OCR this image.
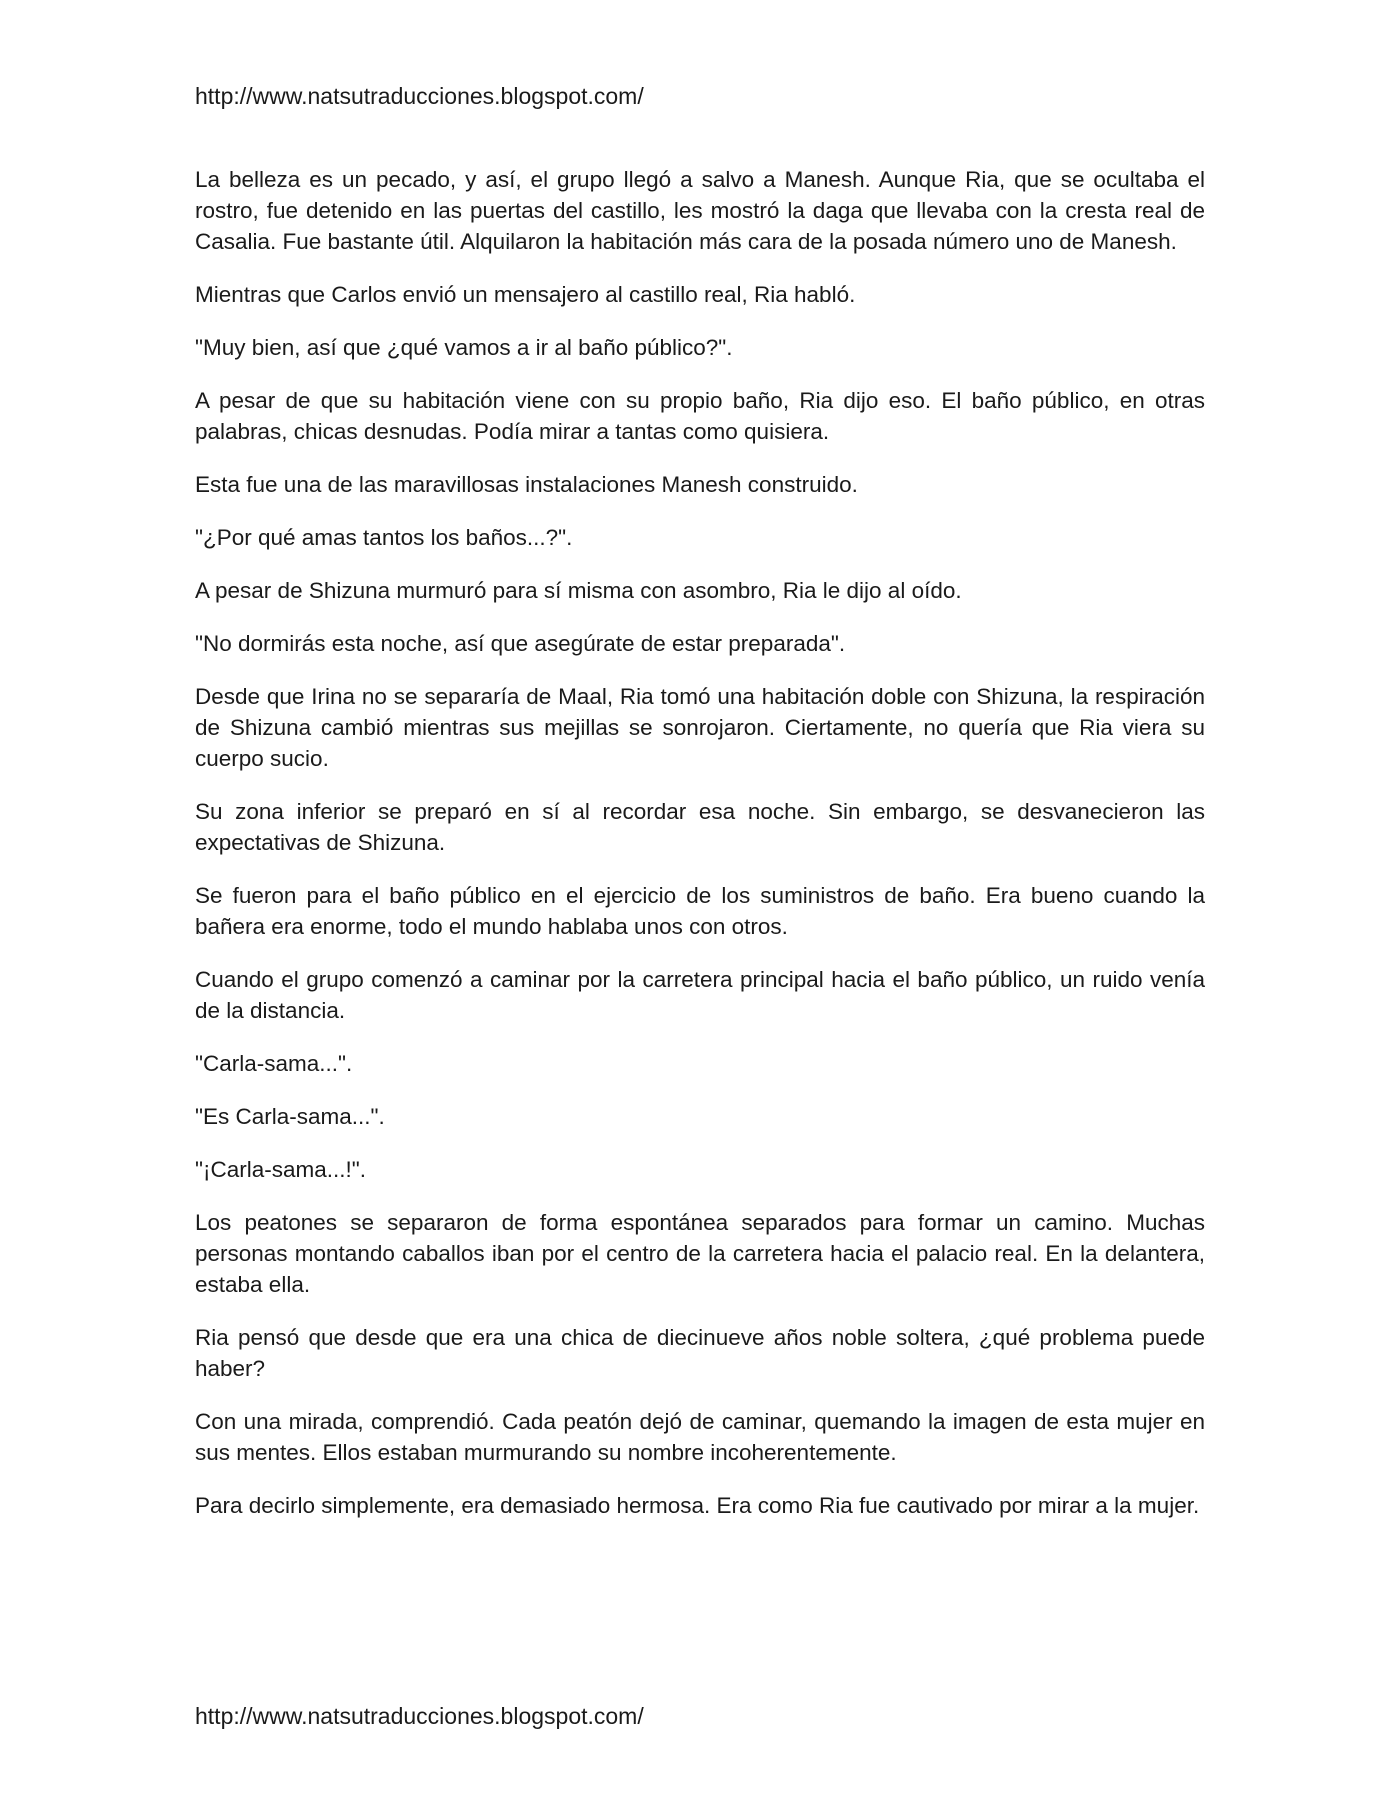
http://www.natsutraducciones.blogspot.com/

La belleza es un pecado, y así, el grupo llegó a salvo a Manesh. Aunque Ria, que se ocultaba el rostro, fue detenido en las puertas del castillo, les mostró la daga que llevaba con la cresta real de Casalia. Fue bastante útil. Alquilaron la habitación más cara de la posada número uno de Manesh.

Mientras que Carlos envió un mensajero al castillo real, Ria habló.

"Muy bien, así que ¿qué vamos a ir al baño público?".

A pesar de que su habitación viene con su propio baño, Ria dijo eso. El baño público, en otras palabras, chicas desnudas. Podía mirar a tantas como quisiera.

Esta fue una de las maravillosas instalaciones Manesh construido.

"¿Por qué amas tantos los baños...?".

A pesar de Shizuna murmuró para sí misma con asombro, Ria le dijo al oído.

"No dormirás esta noche, así que asegúrate de estar preparada".

Desde que Irina no se separaría de Maal, Ria tomó una habitación doble con Shizuna, la respiración de Shizuna cambió mientras sus mejillas se sonrojaron. Ciertamente, no quería que Ria viera su cuerpo sucio.

Su zona inferior se preparó en sí al recordar esa noche. Sin embargo, se desvanecieron las expectativas de Shizuna.

Se fueron para el baño público en el ejercicio de los suministros de baño. Era bueno cuando la bañera era enorme, todo el mundo hablaba unos con otros.

Cuando el grupo comenzó a caminar por la carretera principal hacia el baño público, un ruido venía de la distancia.

"Carla-sama...".

"Es Carla-sama...".

"¡Carla-sama...!".

Los peatones se separaron de forma espontánea separados para formar un camino. Muchas personas montando caballos iban por el centro de la carretera hacia el palacio real. En la delantera, estaba ella.

Ria pensó que desde que era una chica de diecinueve años noble soltera, ¿qué problema puede haber?

Con una mirada, comprendió. Cada peatón dejó de caminar, quemando la imagen de esta mujer en sus mentes. Ellos estaban murmurando su nombre incoherentemente.

Para decirlo simplemente, era demasiado hermosa. Era como Ria fue cautivado por mirar a la mujer.

http://www.natsutraducciones.blogspot.com/
